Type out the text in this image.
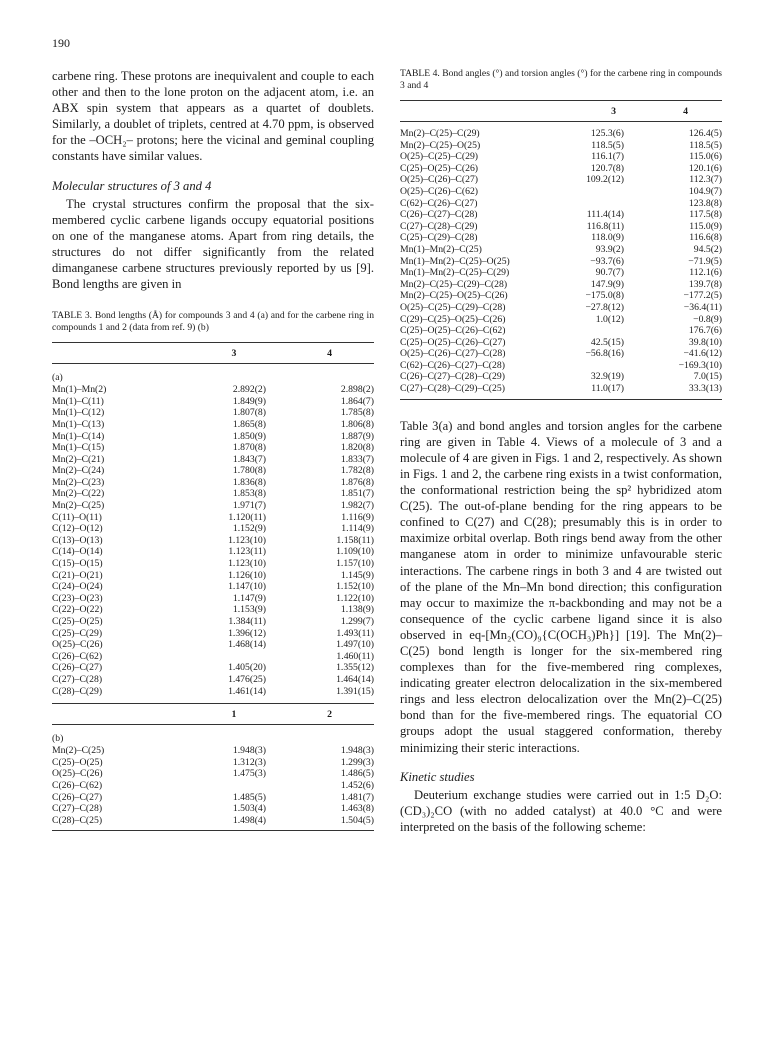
190

carbene ring. These protons are inequivalent and couple to each other and then to the lone proton on the adjacent atom, i.e. an ABX spin system that appears as a quartet of doublets. Similarly, a doublet of triplets, centred at 4.70 ppm, is observed for the –OCH₂– protons; here the vicinal and geminal coupling constants have similar values.

Molecular structures of 3 and 4

The crystal structures confirm the proposal that the six-membered cyclic carbene ligands occupy equatorial positions on one of the manganese atoms. Apart from ring details, the structures do not differ significantly from the related dimanganese carbene structures previously reported by us [9]. Bond lengths are given in

TABLE 3. Bond lengths (Å) for compounds 3 and 4 (a) and for the carbene ring in compounds 1 and 2 (data from ref. 9) (b)

3	4
(a)
Mn(1)–Mn(2)	2.892(2)	2.898(2)
Mn(1)–C(11)	1.849(9)	1.864(7)
Mn(1)–C(12)	1.807(8)	1.785(8)
Mn(1)–C(13)	1.865(8)	1.806(8)
Mn(1)–C(14)	1.850(9)	1.887(9)
Mn(1)–C(15)	1.870(8)	1.820(8)
Mn(2)–C(21)	1.843(7)	1.833(7)
Mn(2)–C(24)	1.780(8)	1.782(8)
Mn(2)–C(23)	1.836(8)	1.876(8)
Mn(2)–C(22)	1.853(8)	1.851(7)
Mn(2)–C(25)	1.971(7)	1.982(7)
C(11)–O(11)	1.120(11)	1.116(9)
C(12)–O(12)	1.152(9)	1.114(9)
C(13)–O(13)	1.123(10)	1.158(11)
C(14)–O(14)	1.123(11)	1.109(10)
C(15)–O(15)	1.123(10)	1.157(10)
C(21)–O(21)	1.126(10)	1.145(9)
C(24)–O(24)	1.147(10)	1.152(10)
C(23)–O(23)	1.147(9)	1.122(10)
C(22)–O(22)	1.153(9)	1.138(9)
C(25)–O(25)	1.384(11)	1.299(7)
C(25)–C(29)	1.396(12)	1.493(11)
O(25)–C(26)	1.468(14)	1.497(10)
C(26)–C(62)		1.460(11)
C(26)–C(27)	1.405(20)	1.355(12)
C(27)–C(28)	1.476(25)	1.464(14)
C(28)–C(29)	1.461(14)	1.391(15)
1	2
(b)
Mn(2)–C(25)	1.948(3)	1.948(3)
C(25)–O(25)	1.312(3)	1.299(3)
O(25)–C(26)	1.475(3)	1.486(5)
C(26)–C(62)		1.452(6)
C(26)–C(27)	1.485(5)	1.481(7)
C(27)–C(28)	1.503(4)	1.463(8)
C(28)–C(25)	1.498(4)	1.504(5)

TABLE 4. Bond angles (°) and torsion angles (°) for the carbene ring in compounds 3 and 4

3	4
Mn(2)–C(25)–C(29)	125.3(6)	126.4(5)
Mn(2)–C(25)–O(25)	118.5(5)	118.5(5)
O(25)–C(25)–C(29)	116.1(7)	115.0(6)
C(25)–O(25)–C(26)	120.7(8)	120.1(6)
O(25)–C(26)–C(27)	109.2(12)	112.3(7)
O(25)–C(26)–C(62)		104.9(7)
C(62)–C(26)–C(27)		123.8(8)
C(26)–C(27)–C(28)	111.4(14)	117.5(8)
C(27)–C(28)–C(29)	116.8(11)	115.0(9)
C(25)–C(29)–C(28)	118.0(9)	116.6(8)
Mn(1)–Mn(2)–C(25)	93.9(2)	94.5(2)
Mn(1)–Mn(2)–C(25)–O(25)	−93.7(6)	−71.9(5)
Mn(1)–Mn(2)–C(25)–C(29)	90.7(7)	112.1(6)
Mn(2)–C(25)–C(29)–C(28)	147.9(9)	139.7(8)
Mn(2)–C(25)–O(25)–C(26)	−175.0(8)	−177.2(5)
O(25)–C(25)–C(29)–C(28)	−27.8(12)	−36.4(11)
C(29)–C(25)–O(25)–C(26)	1.0(12)	−0.8(9)
C(25)–O(25)–C(26)–C(62)		176.7(6)
C(25)–O(25)–C(26)–C(27)	42.5(15)	39.8(10)
O(25)–C(26)–C(27)–C(28)	−56.8(16)	−41.6(12)
C(62)–C(26)–C(27)–C(28)		−169.3(10)
C(26)–C(27)–C(28)–C(29)	32.9(19)	7.0(15)
C(27)–C(28)–C(29)–C(25)	11.0(17)	33.3(13)

Table 3(a) and bond angles and torsion angles for the carbene ring are given in Table 4. Views of a molecule of 3 and a molecule of 4 are given in Figs. 1 and 2, respectively. As shown in Figs. 1 and 2, the carbene ring exists in a twist conformation, the conformational restriction being the sp² hybridized atom C(25). The out-of-plane bending for the ring appears to be confined to C(27) and C(28); presumably this is in order to maximize orbital overlap. Both rings bend away from the other manganese atom in order to minimize unfavourable steric interactions. The carbene rings in both 3 and 4 are twisted out of the plane of the Mn–Mn bond direction; this configuration may occur to maximize the π-backbonding and may not be a consequence of the cyclic carbene ligand since it is also observed in eq-[Mn₂(CO)₉{C(OCH₃)Ph}] [19]. The Mn(2)–C(25) bond length is longer for the six-membered ring complexes than for the five-membered ring complexes, indicating greater electron delocalization in the six-membered rings and less electron delocalization over the Mn(2)–C(25) bond than for the five-membered rings. The equatorial CO groups adopt the usual staggered conformation, thereby minimizing their steric interactions.

Kinetic studies

Deuterium exchange studies were carried out in 1:5 D₂O:(CD₃)₂CO (with no added catalyst) at 40.0 °C and were interpreted on the basis of the following scheme:
